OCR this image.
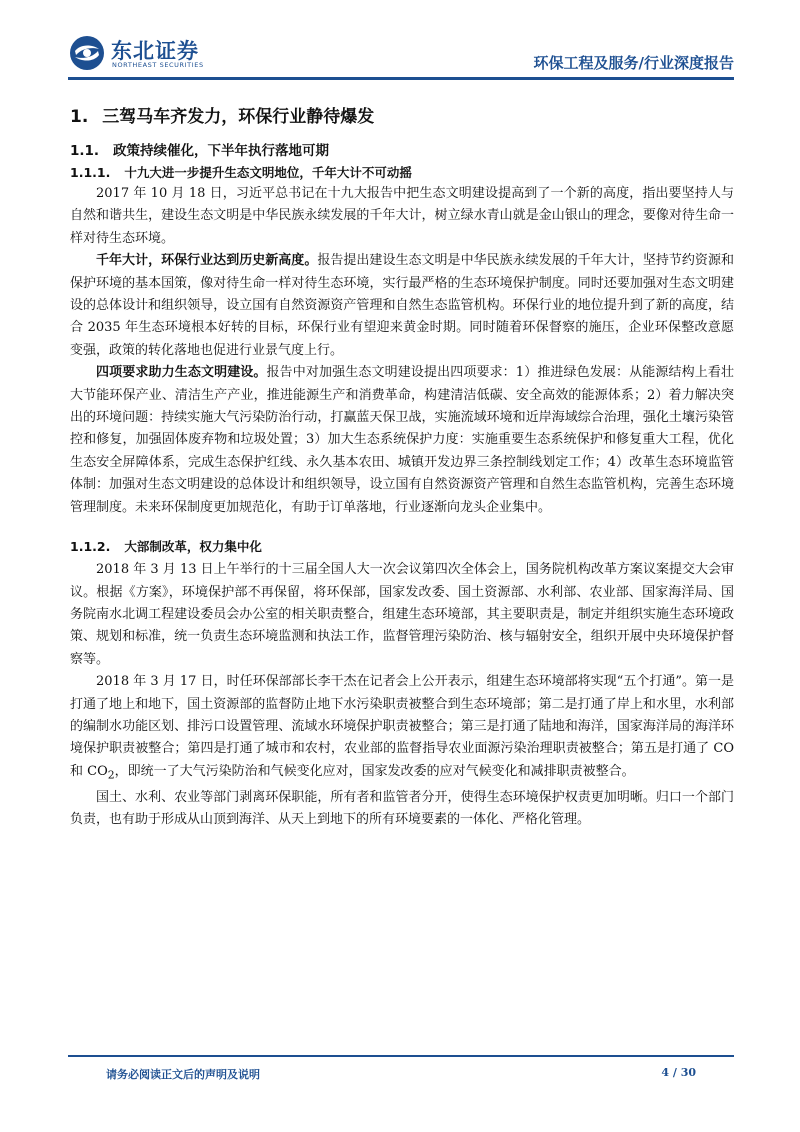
东北证券
NORTHEAST SECURITIES	环保工程及服务/行业深度报告
1. 三驾马车齐发力，环保行业静待爆发
1.1. 政策持续催化，下半年执行落地可期
1.1.1. 十九大进一步提升生态文明地位，千年大计不可动摇

2017 年 10 月 18 日，习近平总书记在十九大报告中把生态文明建设提高到了一个新的高度，指出要坚持人与自然和谐共生，建设生态文明是中华民族永续发展的千年大计，树立绿水青山就是金山银山的理念，要像对待生命一样对待生态环境。

千年大计，环保行业达到历史新高度。报告提出建设生态文明是中华民族永续发展的千年大计，坚持节约资源和保护环境的基本国策，像对待生命一样对待生态环境，实行最严格的生态环境保护制度。同时还要加强对生态文明建设的总体设计和组织领导，设立国有自然资源资产管理和自然生态监管机构。环保行业的地位提升到了新的高度，结合 2035 年生态环境根本好转的目标，环保行业有望迎来黄金时期。同时随着环保督察的施压，企业环保整改意愿变强，政策的转化落地也促进行业景气度上行。

四项要求助力生态文明建设。报告中对加强生态文明建设提出四项要求：1）推进绿色发展：从能源结构上看壮大节能环保产业、清洁生产产业，推进能源生产和消费革命，构建清洁低碳、安全高效的能源体系；2）着力解决突出的环境问题：持续实施大气污染防治行动，打赢蓝天保卫战，实施流域环境和近岸海域综合治理，强化土壤污染管控和修复，加强固体废弃物和垃圾处置；3）加大生态系统保护力度：实施重要生态系统保护和修复重大工程，优化生态安全屏障体系，完成生态保护红线、永久基本农田、城镇开发边界三条控制线划定工作；4）改革生态环境监管体制：加强对生态文明建设的总体设计和组织领导，设立国有自然资源资产管理和自然生态监管机构，完善生态环境管理制度。未来环保制度更加规范化，有助于订单落地，行业逐渐向龙头企业集中。

1.1.2. 大部制改革，权力集中化

2018 年 3 月 13 日上午举行的十三届全国人大一次会议第四次全体会上，国务院机构改革方案议案提交大会审议。根据《方案》，环境保护部不再保留，将环保部，国家发改委、国土资源部、水利部、农业部、国家海洋局、国务院南水北调工程建设委员会办公室的相关职责整合，组建生态环境部，其主要职责是，制定并组织实施生态环境政策、规划和标准，统一负责生态环境监测和执法工作，监督管理污染防治、核与辐射安全，组织开展中央环境保护督察等。

2018 年 3 月 17 日，时任环保部部长李干杰在记者会上公开表示，组建生态环境部将实现“五个打通”。第一是打通了地上和地下，国土资源部的监督防止地下水污染职责被整合到生态环境部；第二是打通了岸上和水里，水利部的编制水功能区划、排污口设置管理、流域水环境保护职责被整合；第三是打通了陆地和海洋，国家海洋局的海洋环境保护职责被整合；第四是打通了城市和农村，农业部的监督指导农业面源污染治理职责被整合；第五是打通了 CO 和 $CO_2$，即统一了大气污染防治和气候变化应对，国家发改委的应对气候变化和减排职责被整合。

国土、水利、农业等部门剥离环保职能，所有者和监管者分开，使得生态环境保护权责更加明晰。归口一个部门负责，也有助于形成从山顶到海洋、从天上到地下的所有环境要素的一体化、严格化管理。

请务必阅读正文后的声明及说明	4 / 30
